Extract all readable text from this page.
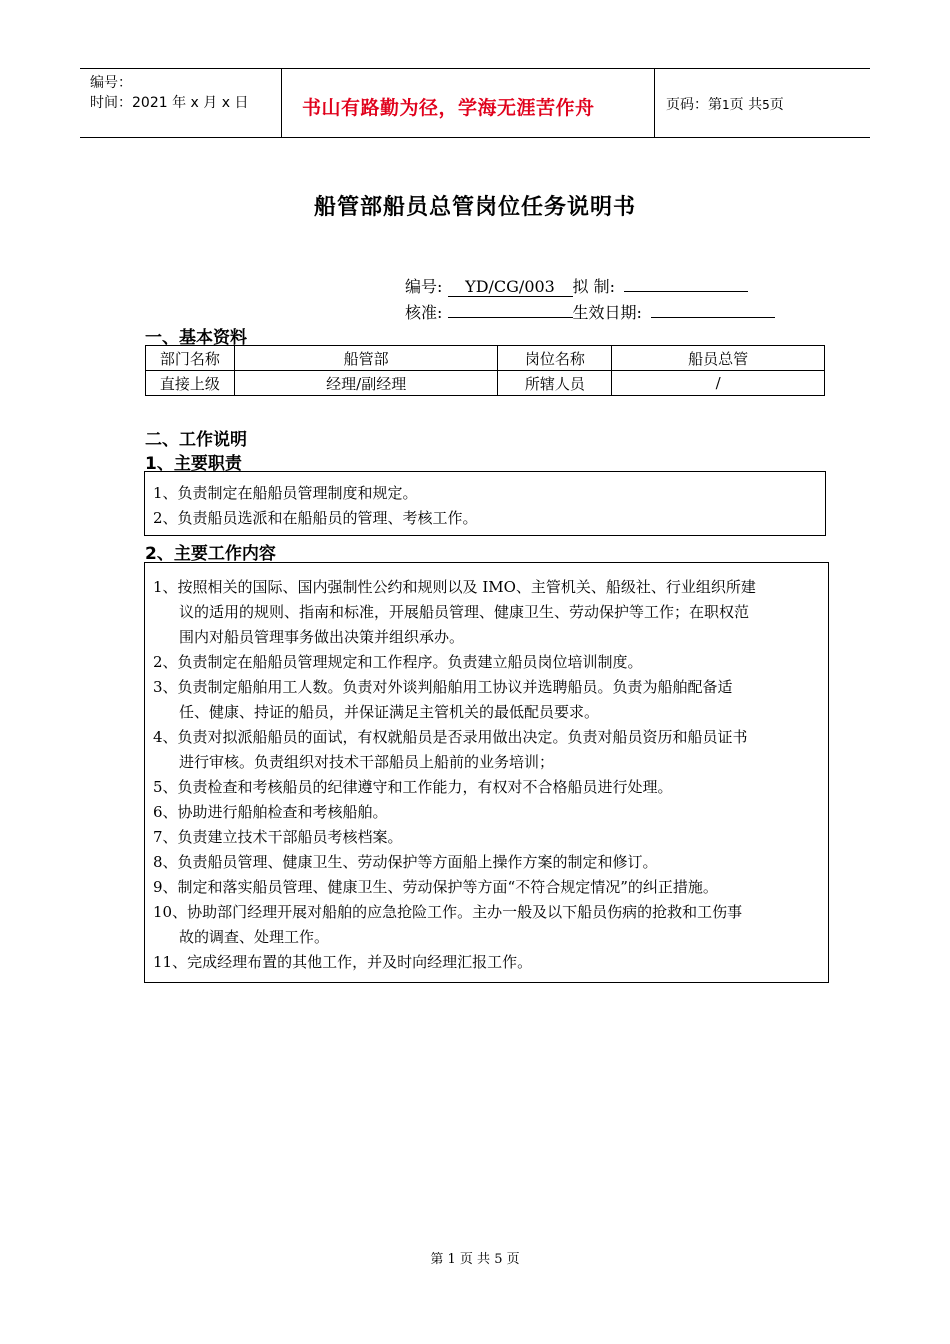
编号：
时间：2021 年 x 月 x 日	书山有路勤为径，学海无涯苦作舟	页码：第1页 共5页
船管部船员总管岗位任务说明书
编号: YD/CG/003 拟 制:
核准:	生效日期:
一、基本资料
部门名称	船管部	岗位名称	船员总管
直接上级	经理/副经理	所辖人员	/
二、工作说明
1、主要职责

1、负责制定在船船员管理制度和规定。

2、负责船员选派和在船船员的管理、考核工作。

2、主要工作内容
1、按照相关的国际、国内强制性公约和规则以及 IMO、主管机关、船级社、行业组织所建
议的适用的规则、指南和标准，开展船员管理、健康卫生、劳动保护等工作；在职权范
围内对船员管理事务做出决策并组织承办。
2、负责制定在船船员管理规定和工作程序。负责建立船员岗位培训制度。
3、负责制定船舶用工人数。负责对外谈判船舶用工协议并选聘船员。负责为船舶配备适
任、健康、持证的船员，并保证满足主管机关的最低配员要求。
4、负责对拟派船船员的面试，有权就船员是否录用做出决定。负责对船员资历和船员证书
进行审核。负责组织对技术干部船员上船前的业务培训；
5、负责检查和考核船员的纪律遵守和工作能力，有权对不合格船员进行处理。
6、协助进行船舶检查和考核船舶。
7、负责建立技术干部船员考核档案。
8、负责船员管理、健康卫生、劳动保护等方面船上操作方案的制定和修订。
9、制定和落实船员管理、健康卫生、劳动保护等方面“不符合规定情况”的纠正措施。
10、协助部门经理开展对船舶的应急抢险工作。主办一般及以下船员伤病的抢救和工伤事
故的调查、处理工作。
11、完成经理布置的其他工作，并及时向经理汇报工作。
第 1 页 共 5 页
